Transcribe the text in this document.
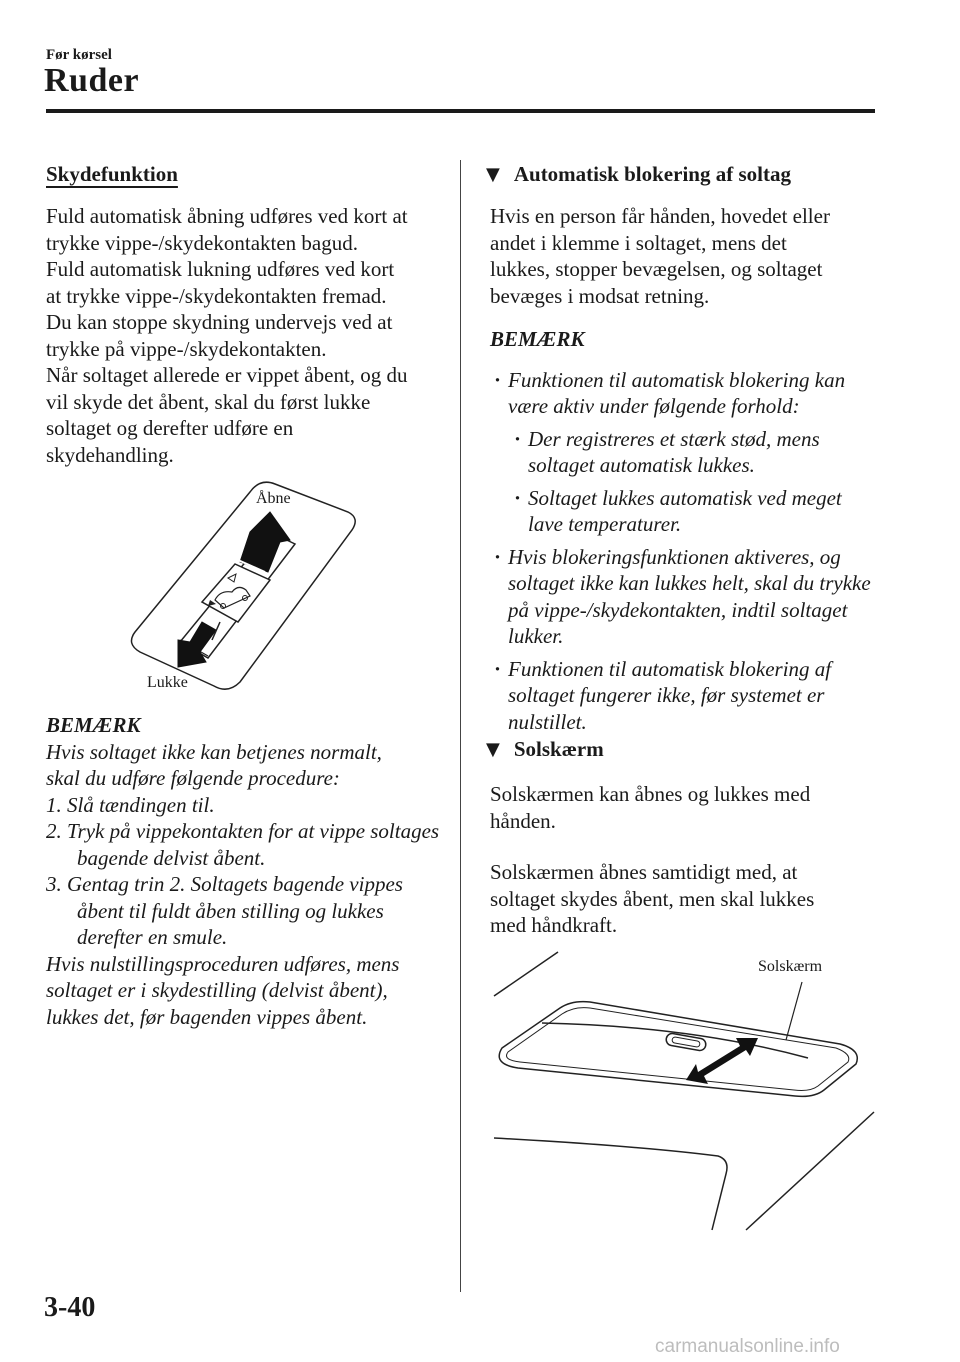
Før kørsel
Ruder
Skydefunktion

Fuld automatisk åbning udføres ved kort at

trykke vippe-/skydekontakten bagud.

Fuld automatisk lukning udføres ved kort

at trykke vippe-/skydekontakten fremad.

Du kan stoppe skydning undervejs ved at

trykke på vippe-/skydekontakten.

Når soltaget allerede er vippet åbent, og du

vil skyde det åbent, skal du først lukke

soltaget og derefter udføre en

skydehandling.

Åbne
Lukke

BEMÆRK

Hvis soltaget ikke kan betjenes normalt,

skal du udføre følgende procedure:

1. Slå tændingen til.

2. Tryk på vippekontakten for at vippe soltages bagende delvist åbent.

3. Gentag trin 2. Soltagets bagende vippes åbent til fuldt åben stilling og lukkes derefter en smule.

Hvis nulstillingsproceduren udføres, mens

soltaget er i skydestilling (delvist åbent),

lukkes det, før bagenden vippes åbent.

▼ Automatisk blokering af soltag

Hvis en person får hånden, hovedet eller

andet i klemme i soltaget, mens det

lukkes, stopper bevægelsen, og soltaget

bevæges i modsat retning.

BEMÆRK

· Funktionen til automatisk blokering kan være aktiv under følgende forhold:

· Der registreres et stærk stød, mens soltaget automatisk lukkes.

· Soltaget lukkes automatisk ved meget lave temperaturer.

· Hvis blokeringsfunktionen aktiveres, og soltaget ikke kan lukkes helt, skal du trykke på vippe-/skydekontakten, indtil soltaget lukker.

· Funktionen til automatisk blokering af soltaget fungerer ikke, før systemet er nulstillet.

▼ Solskærm

Solskærmen kan åbnes og lukkes med

hånden.

Solskærmen åbnes samtidigt med, at

soltaget skydes åbent, men skal lukkes

med håndkraft.

Solskærm
3-40
carmanualsonline.info
